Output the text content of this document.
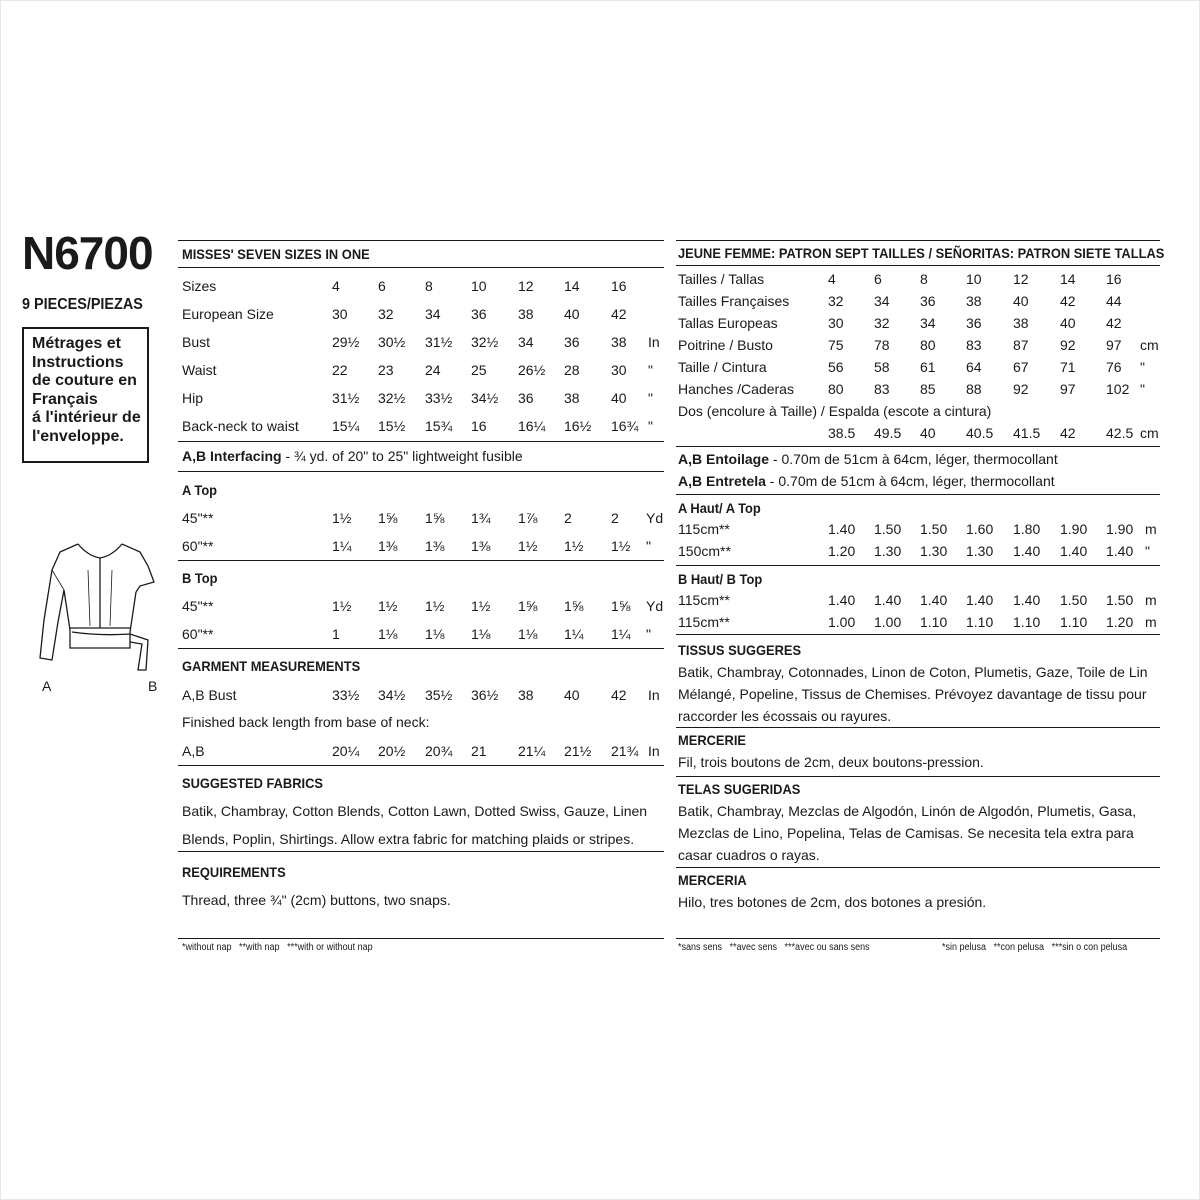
N6700
9 PIECES/PIEZAS
Métrages et
Instructions
de couture en
Français
á l'intérieur de
l'enveloppe.
A	B
MISSES' SEVEN SIZES IN ONE
Sizes	4	6	8	10 12 14 16
European Size	30 32 34 36 38 40 42
Bust	29½ 30½ 31½ 32½ 34 36 38 In
Waist	22 23 24 25 26½ 28 30 "
Hip	31½ 32½ 33½ 34½ 36 38 40 "
Back-neck to waist 15¼ 15½ 15¾ 16 16¼ 16½ 16¾ "
A,B Interfacing - ¾ yd. of 20" to 25" lightweight fusible
A Top
45"**	1½ 1⅝ 1⅝ 1¾ 1⅞ 2	2 Yd
60"**	1¼ 1⅜ 1⅜ 1⅜ 1½ 1½ 1½ "
B Top
45"**	1½ 1½ 1½ 1½ 1⅝ 1⅝ 1⅝ Yd
60"**	1	1⅛ 1⅛ 1⅛ 1⅛ 1¼ 1¼ "
GARMENT MEASUREMENTS
A,B Bust	33½ 34½ 35½ 36½ 38 40 42 In
Finished back length from base of neck:
A,B	20¼ 20½ 20¾ 21 21¼ 21½ 21¾ In
SUGGESTED FABRICS
Batik, Chambray, Cotton Blends, Cotton Lawn, Dotted Swiss, Gauze, Linen
Blends, Poplin, Shirtings. Allow extra fabric for matching plaids or stripes.
REQUIREMENTS
Thread, three ¾" (2cm) buttons, two snaps.
*without nap   **with nap   ***with or without nap
JEUNE FEMME: PATRON SEPT TAILLES / SEÑORITAS: PATRON SIETE TALLAS
Tailles / Tallas	4	6	8	10 12 14 16
Tailles Françaises	32 34 36 38 40 42 44
Tallas Europeas	30 32 34 36 38 40 42
Poitrine / Busto	75 78 80 83 87 92 97 cm
Taille / Cintura	56 58 61 64 67 71 76 "
Hanches /Caderas 80 83 85 88 92 97 102 "
Dos (encolure à Taille) / Espalda (escote a cintura)
38.5 49.5 40 40.5 41.5 42 42.5 cm
A,B Entoilage - 0.70m de 51cm à 64cm, léger, thermocollant
A,B Entretela - 0.70m de 51cm à 64cm, léger, thermocollant
A Haut/ A Top
115cm**	1.40 1.50 1.50 1.60 1.80 1.90 1.90 m
150cm**	1.20 1.30 1.30 1.30 1.40 1.40 1.40 "
B Haut/ B Top
115cm**	1.40 1.40 1.40 1.40 1.40 1.50 1.50 m
115cm**	1.00 1.00 1.10 1.10 1.10 1.10 1.20 m
TISSUS SUGGERES
Batik, Chambray, Cotonnades, Linon de Coton, Plumetis, Gaze, Toile de Lin
Mélangé, Popeline, Tissus de Chemises. Prévoyez davantage de tissu pour
raccorder les écossais ou rayures.
MERCERIE
Fil, trois boutons de 2cm, deux boutons-pression.
TELAS SUGERIDAS
Batik, Chambray, Mezclas de Algodón, Linón de Algodón, Plumetis, Gasa,
Mezclas de Lino, Popelina, Telas de Camisas. Se necesita tela extra para
casar cuadros o rayas.
MERCERIA
Hilo, tres botones de 2cm, dos botones a presión.
*sans sens   **avec sens   ***avec ou sans sens	*sin pelusa   **con pelusa   ***sin o con pelusa
